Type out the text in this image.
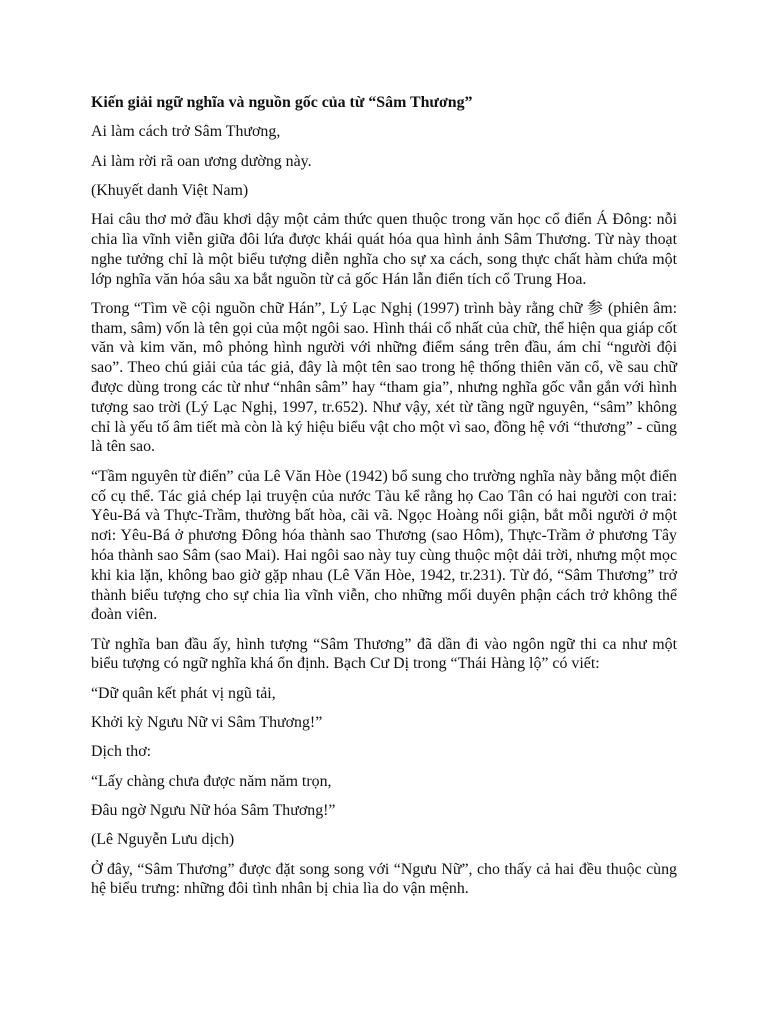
Kiến giải ngữ nghĩa và nguồn gốc của từ “Sâm Thương”

Ai làm cách trở Sâm Thương,

Ai làm rời rã oan ương dường này.

(Khuyết danh Việt Nam)

Hai câu thơ mở đầu khơi dậy một cảm thức quen thuộc trong văn học cổ điển Á Đông: nỗi chia lìa vĩnh viễn giữa đôi lứa được khái quát hóa qua hình ảnh Sâm Thương. Từ này thoạt nghe tưởng chỉ là một biểu tượng diễn nghĩa cho sự xa cách, song thực chất hàm chứa một lớp nghĩa văn hóa sâu xa bắt nguồn từ cả gốc Hán lẫn điển tích cổ Trung Hoa.

Trong “Tìm về cội nguồn chữ Hán”, Lý Lạc Nghị (1997) trình bày rằng chữ 参 (phiên âm: tham, sâm) vốn là tên gọi của một ngôi sao. Hình thái cổ nhất của chữ, thể hiện qua giáp cốt văn và kim văn, mô phỏng hình người với những điểm sáng trên đầu, ám chỉ “người đội sao”. Theo chú giải của tác giả, đây là một tên sao trong hệ thống thiên văn cổ, về sau chữ được dùng trong các từ như “nhân sâm” hay “tham gia”, nhưng nghĩa gốc vẫn gắn với hình tượng sao trời (Lý Lạc Nghị, 1997, tr.652). Như vậy, xét từ tầng ngữ nguyên, “sâm” không chỉ là yếu tố âm tiết mà còn là ký hiệu biểu vật cho một vì sao, đồng hệ với “thương” - cũng là tên sao.

“Tầm nguyên từ điển” của Lê Văn Hòe (1942) bổ sung cho trường nghĩa này bằng một điển cố cụ thể. Tác giả chép lại truyện của nước Tàu kể rằng họ Cao Tân có hai người con trai: Yêu-Bá và Thực-Trầm, thường bất hòa, cãi vã. Ngọc Hoàng nổi giận, bắt mỗi người ở một nơi: Yêu-Bá ở phương Đông hóa thành sao Thương (sao Hôm), Thực-Trầm ở phương Tây hóa thành sao Sâm (sao Mai). Hai ngôi sao này tuy cùng thuộc một dải trời, nhưng một mọc khi kia lặn, không bao giờ gặp nhau (Lê Văn Hòe, 1942, tr.231). Từ đó, “Sâm Thương” trở thành biểu tượng cho sự chia lìa vĩnh viễn, cho những mối duyên phận cách trở không thể đoàn viên.

Từ nghĩa ban đầu ấy, hình tượng “Sâm Thương” đã dần đi vào ngôn ngữ thi ca như một biểu tượng có ngữ nghĩa khá ổn định. Bạch Cư Dị trong “Thái Hàng lộ” có viết:

“Dữ quân kết phát vị ngũ tải,

Khởi kỳ Ngưu Nữ vi Sâm Thương!”

Dịch thơ:

“Lấy chàng chưa được năm năm trọn,

Đâu ngờ Ngưu Nữ hóa Sâm Thương!”

(Lê Nguyễn Lưu dịch)

Ở đây, “Sâm Thương” được đặt song song với “Ngưu Nữ”, cho thấy cả hai đều thuộc cùng hệ biểu trưng: những đôi tình nhân bị chia lìa do vận mệnh.
